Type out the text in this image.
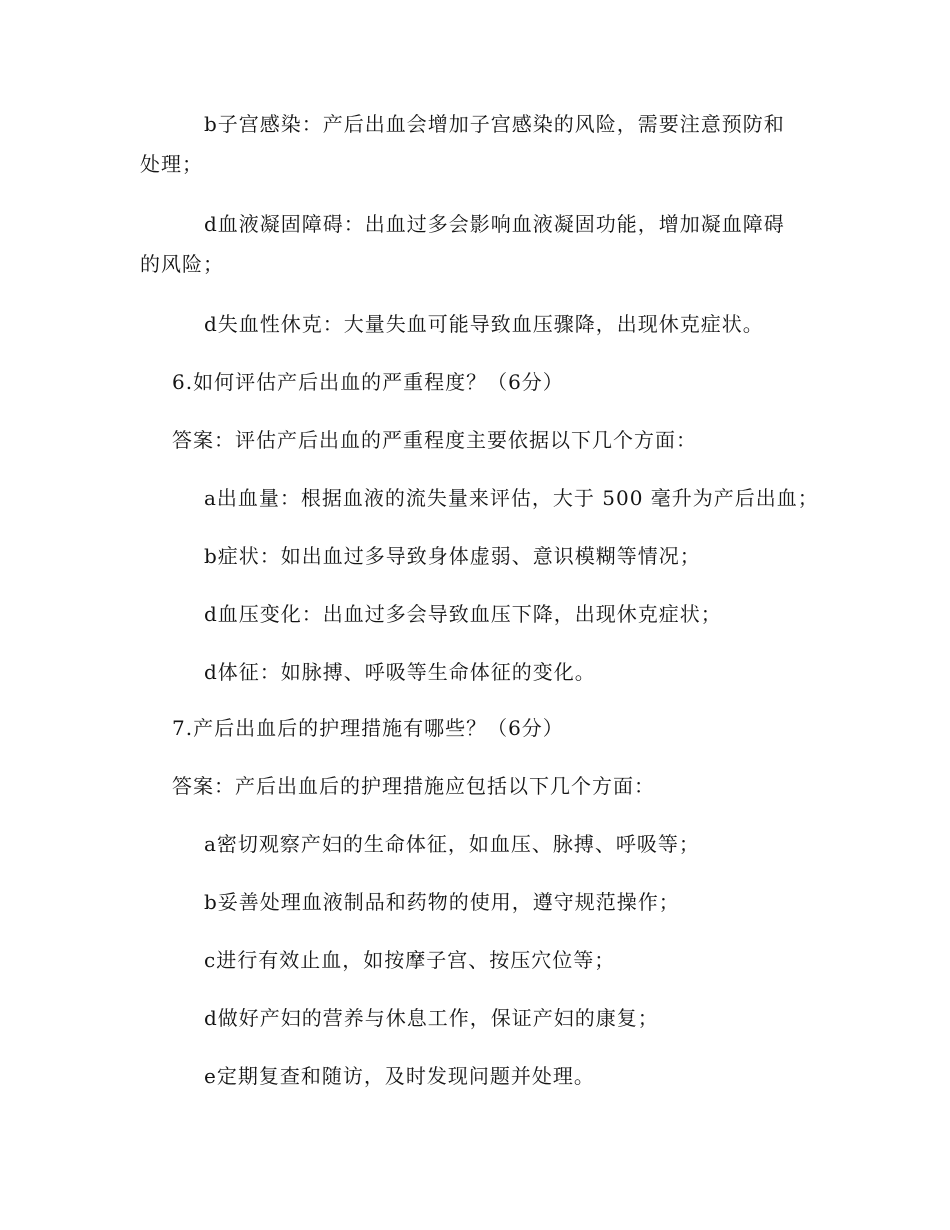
b子宫感染：产后出血会增加子宫感染的风险，需要注意预防和
处理；
d血液凝固障碍：出血过多会影响血液凝固功能，增加凝血障碍
的风险；
d失血性休克：大量失血可能导致血压骤降，出现休克症状。
6.如何评估产后出血的严重程度？（6分）
答案：评估产后出血的严重程度主要依据以下几个方面：
a出血量：根据血液的流失量来评估，大于 500 毫升为产后出血；
b症状：如出血过多导致身体虚弱、意识模糊等情况；
d血压变化：出血过多会导致血压下降，出现休克症状；
d体征：如脉搏、呼吸等生命体征的变化。
7.产后出血后的护理措施有哪些？（6分）
答案：产后出血后的护理措施应包括以下几个方面：
a密切观察产妇的生命体征，如血压、脉搏、呼吸等；
b妥善处理血液制品和药物的使用，遵守规范操作；
c进行有效止血，如按摩子宫、按压穴位等；
d做好产妇的营养与休息工作，保证产妇的康复；
e定期复查和随访，及时发现问题并处理。
